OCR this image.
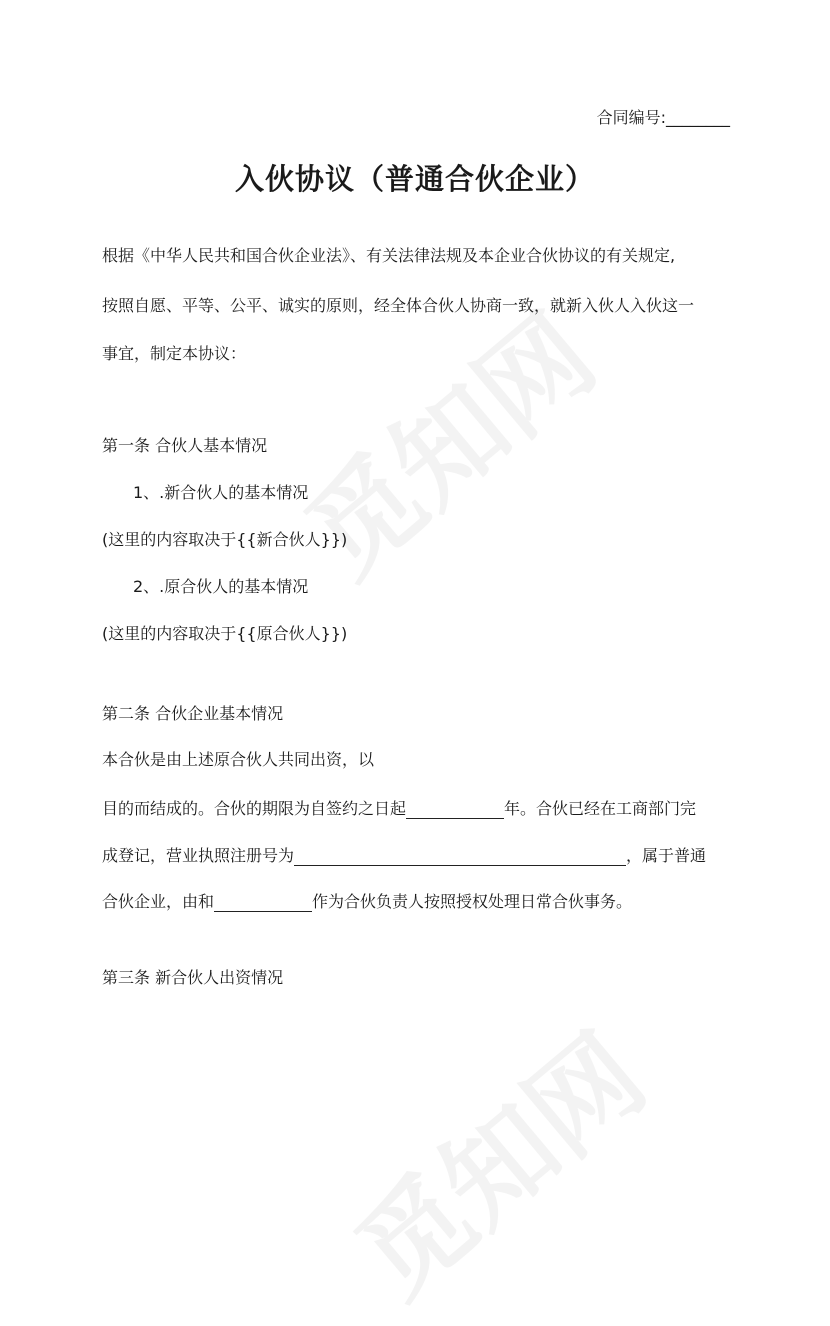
合同编号:________
入伙协议（普通合伙企业）
根据《中华人民共和国合伙企业法》、有关法律法规及本企业合伙协议的有关规定,
按照自愿、平等、公平、诚实的原则，经全体合伙人协商一致，就新入伙人入伙这一
事宜，制定本协议：
第一条 合伙人基本情况
1、.新合伙人的基本情况
(这里的内容取决于{{新合伙人}})
2、.原合伙人的基本情况
(这里的内容取决于{{原合伙人}})
第二条 合伙企业基本情况
本合伙是由上述原合伙人共同出资，以
目的而结成的。合伙的期限为自签约之日起	年。合伙已经在工商部门完
成登记，营业执照注册号为	，属于普通
合伙企业，由和	作为合伙负责人按照授权处理日常合伙事务。
第三条 新合伙人出资情况
